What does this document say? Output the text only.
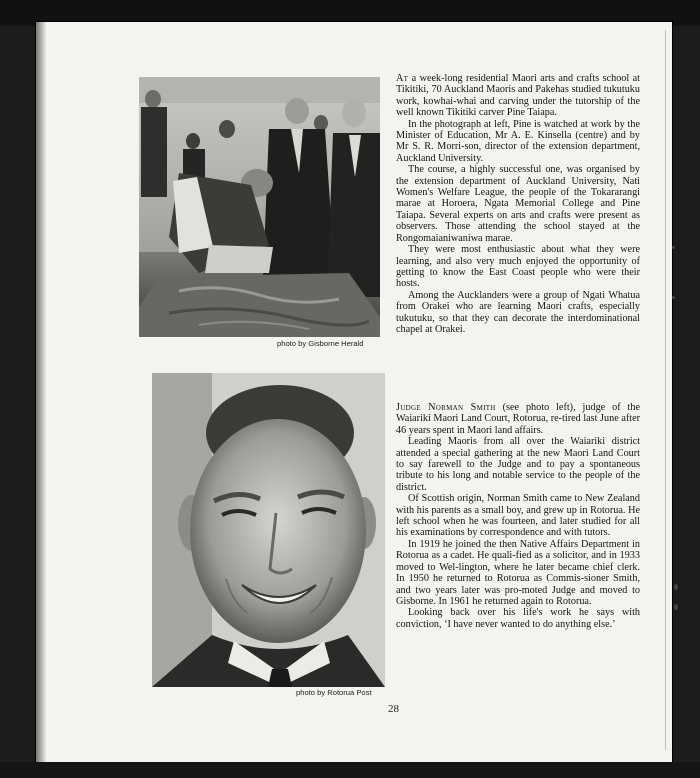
photo by Gisborne Herald
photo by Rotorua Post

At a week-long residential Maori arts and crafts school at Tikitiki, 70 Auckland Maoris and Pakehas studied tukutuku work, kowhai-whai and carving under the tutorship of the well known Tikitiki carver Pine Taiapa.

In the photograph at left, Pine is watched at work by the Minister of Education, Mr A. E. Kinsella (centre) and by Mr S. R. Morri-son, director of the extension department, Auckland University.

The course, a highly successful one, was organised by the extension department of Auckland University, Nati Women's Welfare League, the people of the Tokararangi marae at Horoera, Ngata Memorial College and Pine Taiapa. Several experts on arts and crafts were present as observers. Those attending the school stayed at the Rongomaianiwaniwa marae.

They were most enthusiastic about what they were learning, and also very much enjoyed the opportunity of getting to know the East Coast people who were their hosts.

Among the Aucklanders were a group of Ngati Whatua from Orakei who are learning Maori crafts, especially tukutuku, so that they can decorate the interdominational chapel at Orakei.

Judge Norman Smith (see photo left), judge of the Waiariki Maori Land Court, Rotorua, re-tired last June after 46 years spent in Maori land affairs.

Leading Maoris from all over the Waiariki district attended a special gathering at the new Maori Land Court to say farewell to the Judge and to pay a spontaneous tribute to his long and notable service to the people of the district.

Of Scottish origin, Norman Smith came to New Zealand with his parents as a small boy, and grew up in Rotorua. He left school when he was fourteen, and later studied for all his examinations by correspondence and with tutors.

In 1919 he joined the then Native Affairs Department in Rotorua as a cadet. He quali-fied as a solicitor, and in 1933 moved to Wel-lington, where he later became chief clerk. In 1950 he returned to Rotorua as Commis-sioner Smith, and two years later was pro-moted Judge and moved to Gisborne. In 1961 he returned again to Rotorua.

Looking back over his life's work he says with conviction, ‘I have never wanted to do anything else.’

28
